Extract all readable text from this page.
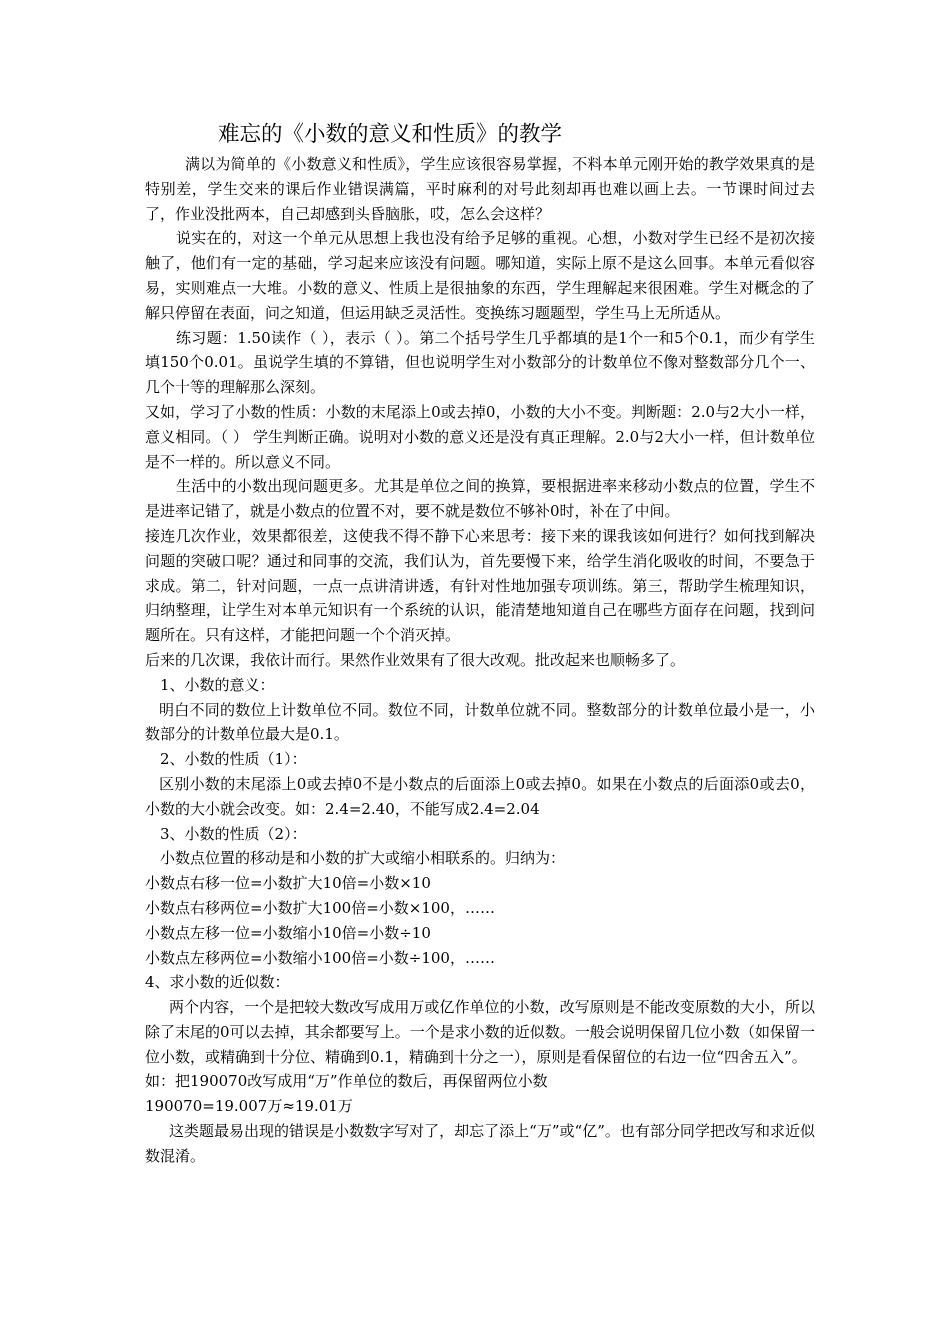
难忘的《小数的意义和性质》的教学

满以为简单的《小数意义和性质》，学生应该很容易掌握，不料本单元刚开始的教学效果真的是特别差，学生交来的课后作业错误满篇，平时麻利的对号此刻却再也难以画上去。一节课时间过去了，作业没批两本，自己却感到头昏脑胀，哎，怎么会这样？

说实在的，对这一个单元从思想上我也没有给予足够的重视。心想，小数对学生已经不是初次接触了，他们有一定的基础，学习起来应该没有问题。哪知道，实际上原不是这么回事。本单元看似容易，实则难点一大堆。小数的意义、性质上是很抽象的东西，学生理解起来很困难。学生对概念的了解只停留在表面，问之知道，但运用缺乏灵活性。变换练习题题型，学生马上无所适从。

练习题：1.50读作（ ），表示（ ）。第二个括号学生几乎都填的是1个一和5个0.1，而少有学生填150个0.01。虽说学生填的不算错，但也说明学生对小数部分的计数单位不像对整数部分几个一、几个十等的理解那么深刻。

又如，学习了小数的性质：小数的末尾添上0或去掉0，小数的大小不变。判断题：2.0与2大小一样，意义相同。（ ） 学生判断正确。说明对小数的意义还是没有真正理解。2.0与2大小一样，但计数单位是不一样的。所以意义不同。

生活中的小数出现问题更多。尤其是单位之间的换算，要根据进率来移动小数点的位置，学生不是进率记错了，就是小数点的位置不对，要不就是数位不够补0时，补在了中间。

接连几次作业，效果都很差，这使我不得不静下心来思考：接下来的课我该如何进行？如何找到解决问题的突破口呢？通过和同事的交流，我们认为，首先要慢下来，给学生消化吸收的时间，不要急于求成。第二，针对问题，一点一点讲清讲透，有针对性地加强专项训练。第三，帮助学生梳理知识，归纳整理，让学生对本单元知识有一个系统的认识，能清楚地知道自己在哪些方面存在问题，找到问题所在。只有这样，才能把问题一个个消灭掉。

后来的几次课，我依计而行。果然作业效果有了很大改观。批改起来也顺畅多了。

1、小数的意义：

明白不同的数位上计数单位不同。数位不同，计数单位就不同。整数部分的计数单位最小是一，小数部分的计数单位最大是0.1。

2、小数的性质（1）：

区别小数的末尾添上0或去掉0不是小数点的后面添上0或去掉0。如果在小数点的后面添0或去0，小数的大小就会改变。如：2.4=2.40，不能写成2.4=2.04

3、小数的性质（2）：

小数点位置的移动是和小数的扩大或缩小相联系的。归纳为：

小数点右移一位=小数扩大10倍=小数×10

小数点右移两位=小数扩大100倍=小数×100，……

小数点左移一位=小数缩小10倍=小数÷10

小数点左移两位=小数缩小100倍=小数÷100，……

4、求小数的近似数：

两个内容，一个是把较大数改写成用万或亿作单位的小数，改写原则是不能改变原数的大小，所以除了末尾的0可以去掉，其余都要写上。一个是求小数的近似数。一般会说明保留几位小数（如保留一位小数，或精确到十分位、精确到0.1，精确到十分之一），原则是看保留位的右边一位“四舍五入”。

如：把190070改写成用“万”作单位的数后，再保留两位小数

190070=19.007万≈19.01万

这类题最易出现的错误是小数数字写对了，却忘了添上“万”或“亿”。也有部分同学把改写和求近似数混淆。
